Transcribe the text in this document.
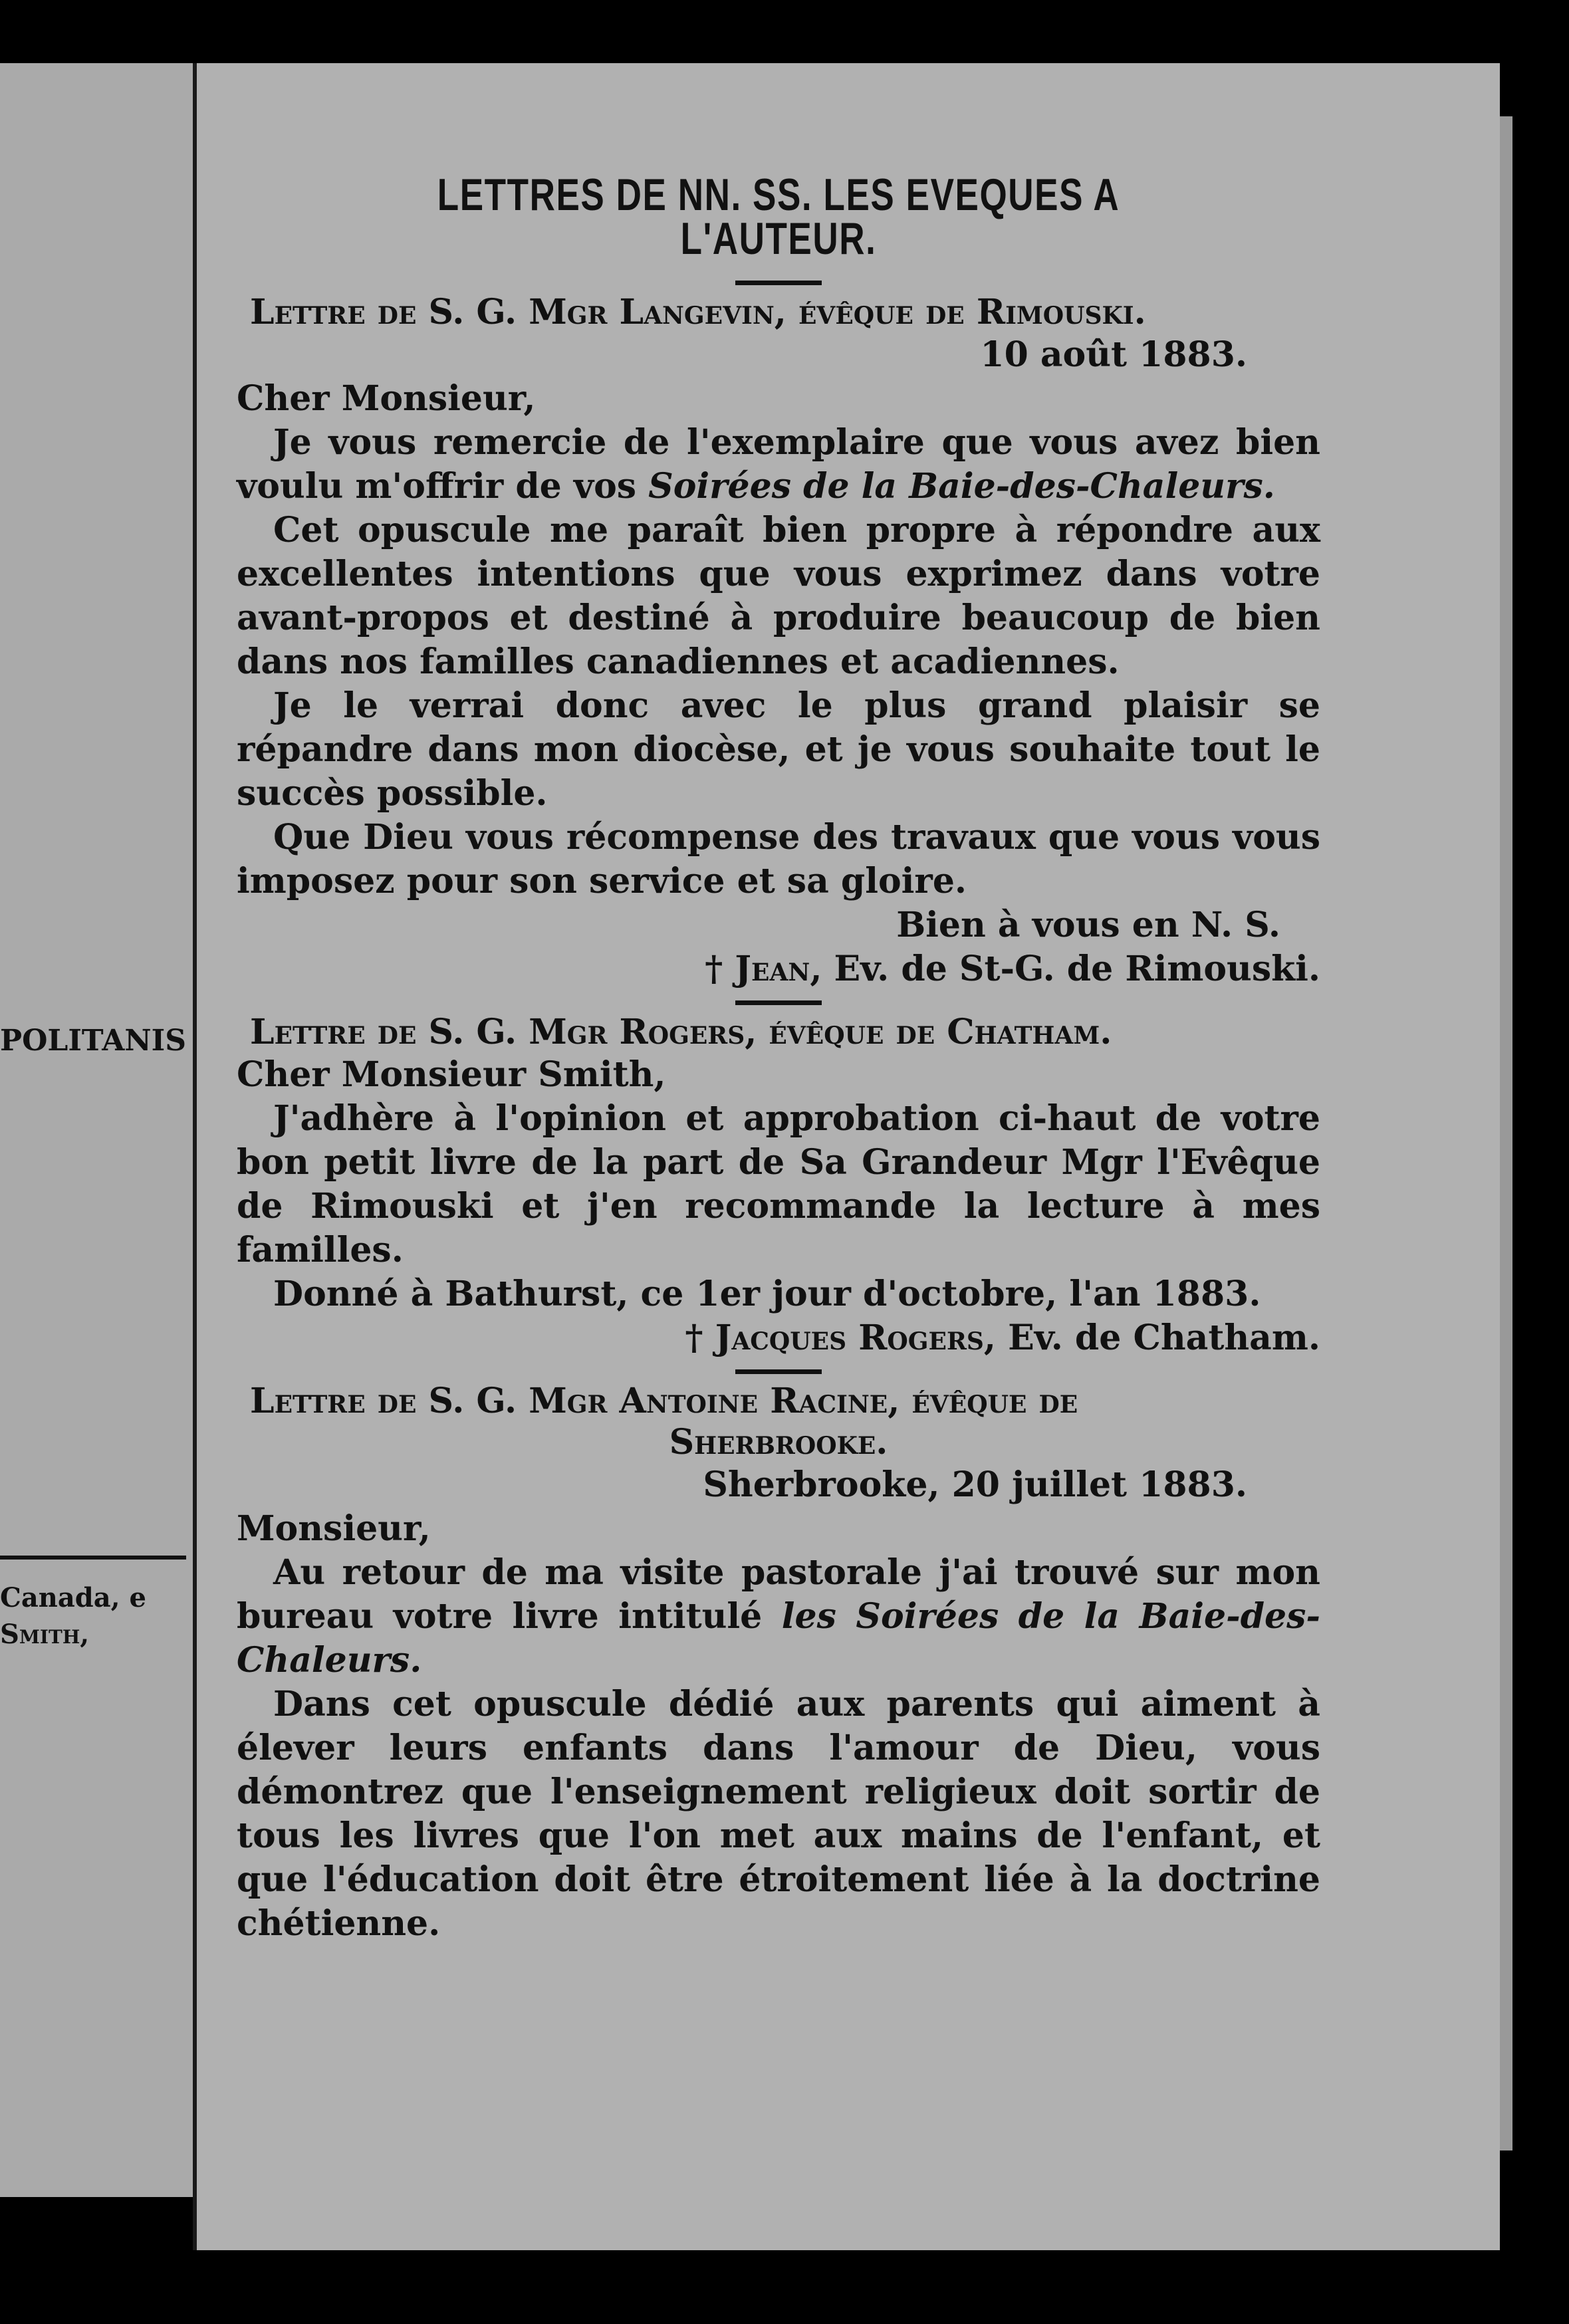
POLITANIS
Canada, e
Smith,
LETTRES DE NN. SS. LES EVEQUES A L'AUTEUR.
Lettre de S. G. Mgr Langevin, évêque de Rimouski.
10 août 1883.
Cher Monsieur,

Je vous remercie de l'exemplaire que vous avez bien voulu m'offrir de vos Soirées de la Baie-des-Chaleurs.

Cet opuscule me paraît bien propre à répondre aux excellentes intentions que vous exprimez dans votre avant-propos et destiné à produire beaucoup de bien dans nos familles canadiennes et acadiennes.

Je le verrai donc avec le plus grand plaisir se répandre dans mon diocèse, et je vous souhaite tout le succès possible.

Que Dieu vous récompense des travaux que vous vous imposez pour son service et sa gloire.

Bien à vous en N. S.
† Jean, Ev. de St-G. de Rimouski.
Lettre de S. G. Mgr Rogers, évêque de Chatham.
Cher Monsieur Smith,

J'adhère à l'opinion et approbation ci-haut de votre bon petit livre de la part de Sa Grandeur Mgr l'Evêque de Rimouski et j'en recommande la lecture à mes familles.

Donné à Bathurst, ce 1er jour d'octobre, l'an 1883.

† Jacques Rogers, Ev. de Chatham.
Lettre de S. G. Mgr Antoine Racine, évêque de
Sherbrooke.
Sherbrooke, 20 juillet 1883.
Monsieur,

Au retour de ma visite pastorale j'ai trouvé sur mon bureau votre livre intitulé les Soirées de la Baie-des-Chaleurs.

Dans cet opuscule dédié aux parents qui aiment à élever leurs enfants dans l'amour de Dieu, vous démontrez que l'enseignement religieux doit sortir de tous les livres que l'on met aux mains de l'enfant, et que l'éducation doit être étroitement liée à la doctrine chétienne.
